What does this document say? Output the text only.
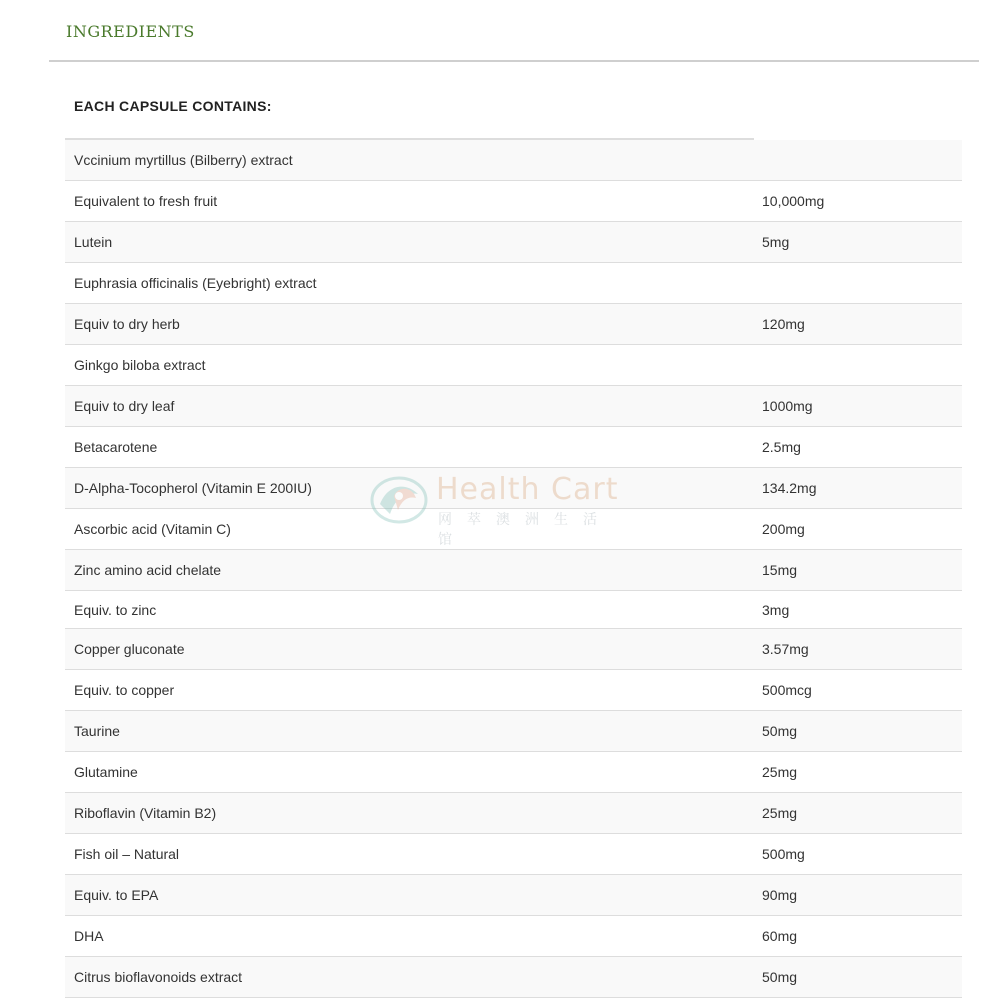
INGREDIENTS
EACH CAPSULE CONTAINS:
Vccinium myrtillus (Bilberry) extract	
Equivalent to fresh fruit	10,000mg
Lutein	5mg
Euphrasia officinalis (Eyebright) extract	
Equiv to dry herb	120mg
Ginkgo biloba extract	
Equiv to dry leaf	1000mg
Betacarotene	2.5mg
D-Alpha-Tocopherol (Vitamin E 200IU)	134.2mg
Ascorbic acid (Vitamin C)	200mg
Zinc amino acid chelate	15mg
Equiv. to zinc	3mg
Copper gluconate	3.57mg
Equiv. to copper	500mcg
Taurine	50mg
Glutamine	25mg
Riboflavin (Vitamin B2)	25mg
Fish oil – Natural	500mg
Equiv. to EPA	90mg
DHA	60mg
Citrus bioflavonoids extract	50mg
Health Cart
网萃澳洲生活馆
